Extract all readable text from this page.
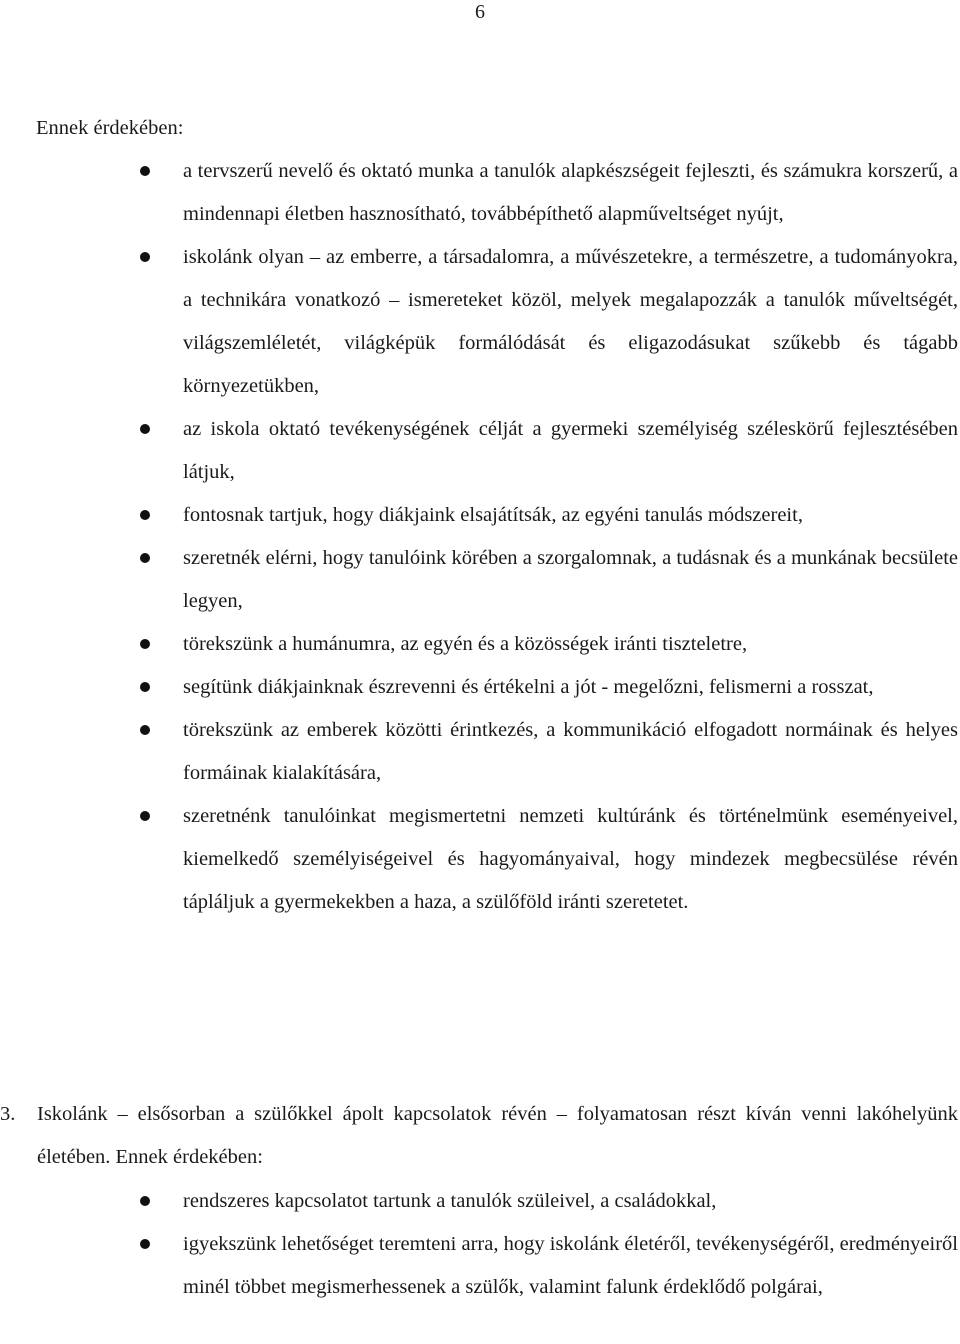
6
Ennek érdekében:
a tervszerű nevelő és oktató munka a tanulók alapkészségeit fejleszti, és számukra korszerű, a mindennapi életben hasznosítható, továbbépíthető alapműveltséget nyújt,
iskolánk olyan – az emberre, a társadalomra, a művészetekre, a természetre, a tudományokra, a technikára vonatkozó – ismereteket közöl, melyek megalapozzák a tanulók műveltségét, világszemléletét, világképük formálódását és eligazodásukat szűkebb és tágabb környezetükben,
az iskola oktató tevékenységének célját a gyermeki személyiség széleskörű fejlesztésében látjuk,
fontosnak tartjuk, hogy diákjaink elsajátítsák, az egyéni tanulás módszereit,
szeretnék elérni, hogy tanulóink körében a szorgalomnak, a tudásnak és a munkának becsülete legyen,
törekszünk a humánumra, az egyén és a közösségek iránti tiszteletre,
segítünk diákjainknak észrevenni és értékelni a jót - megelőzni, felismerni a rosszat,
törekszünk az emberek közötti érintkezés, a kommunikáció elfogadott normáinak és helyes formáinak kialakítására,
szeretnénk tanulóinkat megismertetni nemzeti kultúránk és történelmünk eseményeivel, kiemelkedő személyiségeivel és hagyományaival, hogy mindezek megbecsülése révén tápláljuk a gyermekekben a haza, a szülőföld iránti szeretetet.
3.	Iskolánk – elsősorban a szülőkkel ápolt kapcsolatok révén – folyamatosan részt kíván venni lakóhelyünk életében. Ennek érdekében:
rendszeres kapcsolatot tartunk a tanulók szüleivel, a családokkal,
igyekszünk lehetőséget teremteni arra, hogy iskolánk életéről, tevékenységéről, eredményeiről minél többet megismerhessenek a szülők, valamint falunk érdeklődő polgárai,
